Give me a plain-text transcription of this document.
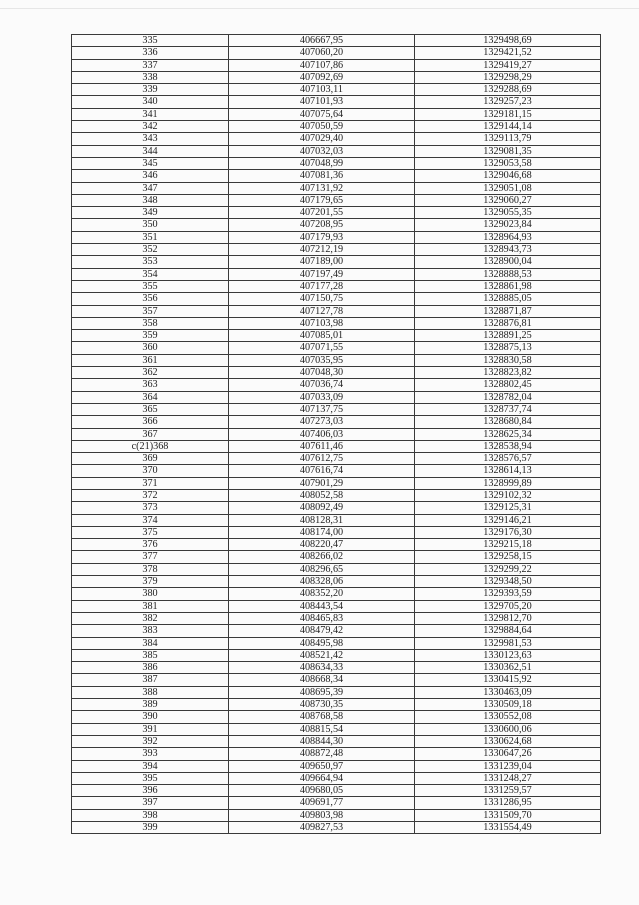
335	406667,95	1329498,69
336	407060,20	1329421,52
337	407107,86	1329419,27
338	407092,69	1329298,29
339	407103,11	1329288,69
340	407101,93	1329257,23
341	407075,64	1329181,15
342	407050,59	1329144,14
343	407029,40	1329113,79
344	407032,03	1329081,35
345	407048,99	1329053,58
346	407081,36	1329046,68
347	407131,92	1329051,08
348	407179,65	1329060,27
349	407201,55	1329055,35
350	407208,95	1329023,84
351	407179,93	1328964,93
352	407212,19	1328943,73
353	407189,00	1328900,04
354	407197,49	1328888,53
355	407177,28	1328861,98
356	407150,75	1328885,05
357	407127,78	1328871,87
358	407103,98	1328876,81
359	407085,01	1328891,25
360	407071,55	1328875,13
361	407035,95	1328830,58
362	407048,30	1328823,82
363	407036,74	1328802,45
364	407033,09	1328782,04
365	407137,75	1328737,74
366	407273,03	1328680,84
367	407406,03	1328625,34
c(21)368	407611,46	1328538,94
369	407612,75	1328576,57
370	407616,74	1328614,13
371	407901,29	1328999,89
372	408052,58	1329102,32
373	408092,49	1329125,31
374	408128,31	1329146,21
375	408174,00	1329176,30
376	408220,47	1329215,18
377	408266,02	1329258,15
378	408296,65	1329299,22
379	408328,06	1329348,50
380	408352,20	1329393,59
381	408443,54	1329705,20
382	408465,83	1329812,70
383	408479,42	1329884,64
384	408495,98	1329981,53
385	408521,42	1330123,63
386	408634,33	1330362,51
387	408668,34	1330415,92
388	408695,39	1330463,09
389	408730,35	1330509,18
390	408768,58	1330552,08
391	408815,54	1330600,06
392	408844,30	1330624,68
393	408872,48	1330647,26
394	409650,97	1331239,04
395	409664,94	1331248,27
396	409680,05	1331259,57
397	409691,77	1331286,95
398	409803,98	1331509,70
399	409827,53	1331554,49
